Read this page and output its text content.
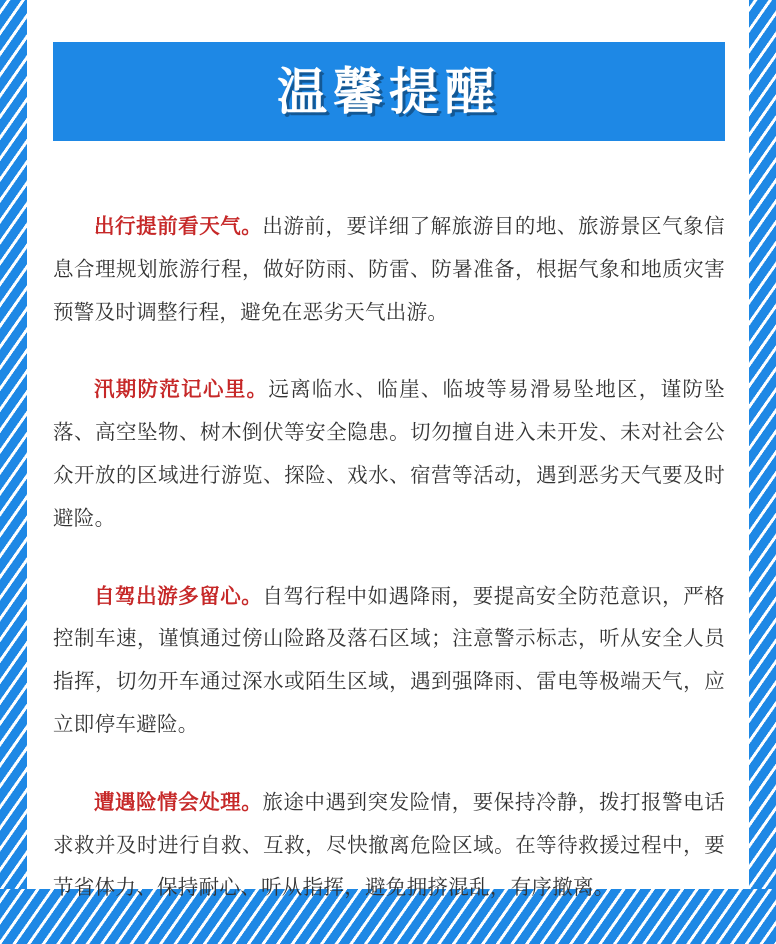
温馨提醒

出行提前看天气。出游前，要详细了解旅游目的地、旅游景区气象信息合理规划旅游行程，做好防雨、防雷、防暑准备，根据气象和地质灾害预警及时调整行程，避免在恶劣天气出游。

汛期防范记心里。远离临水、临崖、临坡等易滑易坠地区，谨防坠落、高空坠物、树木倒伏等安全隐患。切勿擅自进入未开发、未对社会公众开放的区域进行游览、探险、戏水、宿营等活动，遇到恶劣天气要及时避险。

自驾出游多留心。自驾行程中如遇降雨，要提高安全防范意识，严格控制车速，谨慎通过傍山险路及落石区域；注意警示标志，听从安全人员指挥，切勿开车通过深水或陌生区域，遇到强降雨、雷电等极端天气，应立即停车避险。

遭遇险情会处理。旅途中遇到突发险情，要保持冷静，拨打报警电话求救并及时进行自救、互救，尽快撤离危险区域。在等待救援过程中，要节省体力、保持耐心、听从指挥，避免拥挤混乱，有序撤离。
